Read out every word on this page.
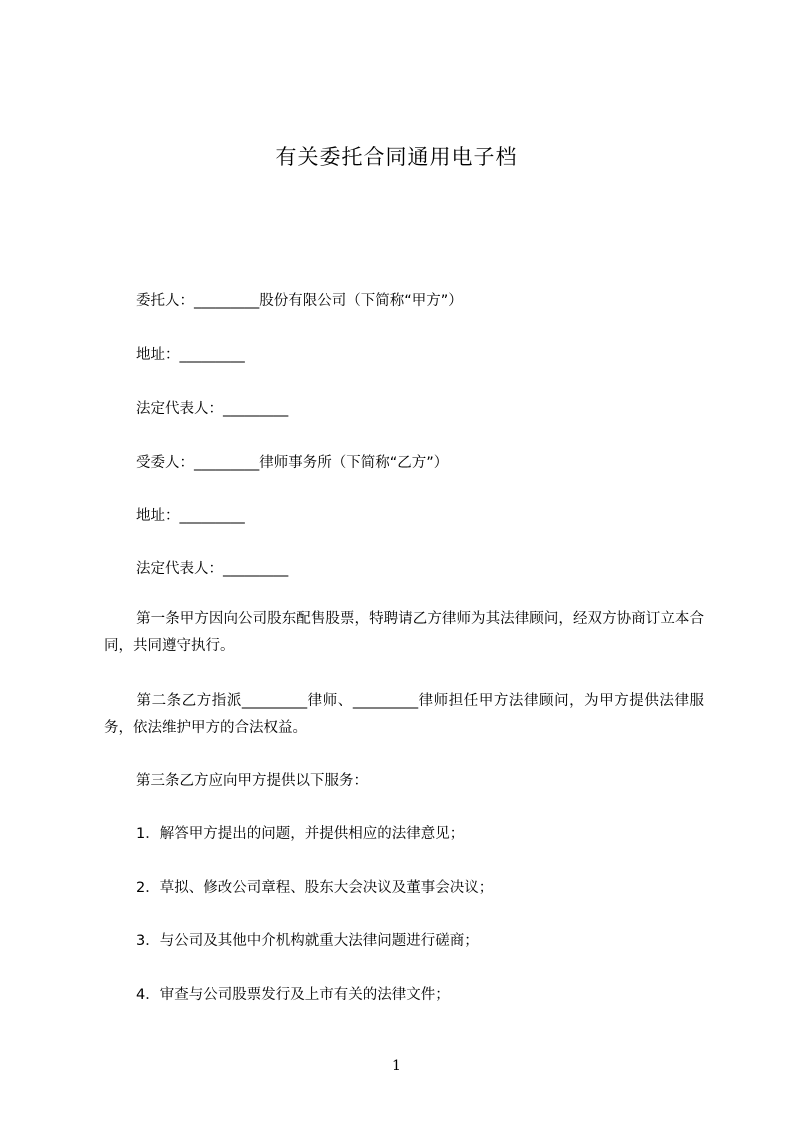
有关委托合同通用电子档
委托人：_________股份有限公司（下简称“甲方”）
地址：_________
法定代表人：_________
受委人：_________律师事务所（下简称“乙方”）
地址：_________
法定代表人：_________
第一条甲方因向公司股东配售股票，特聘请乙方律师为其法律顾问，经双方协商订立本合同，共同遵守执行。
第二条乙方指派_________律师、_________律师担任甲方法律顾问，为甲方提供法律服务，依法维护甲方的合法权益。
第三条乙方应向甲方提供以下服务：
1．解答甲方提出的问题，并提供相应的法律意见；
2．草拟、修改公司章程、股东大会决议及董事会决议；
3．与公司及其他中介机构就重大法律问题进行磋商；
4．审查与公司股票发行及上市有关的法律文件；
1
